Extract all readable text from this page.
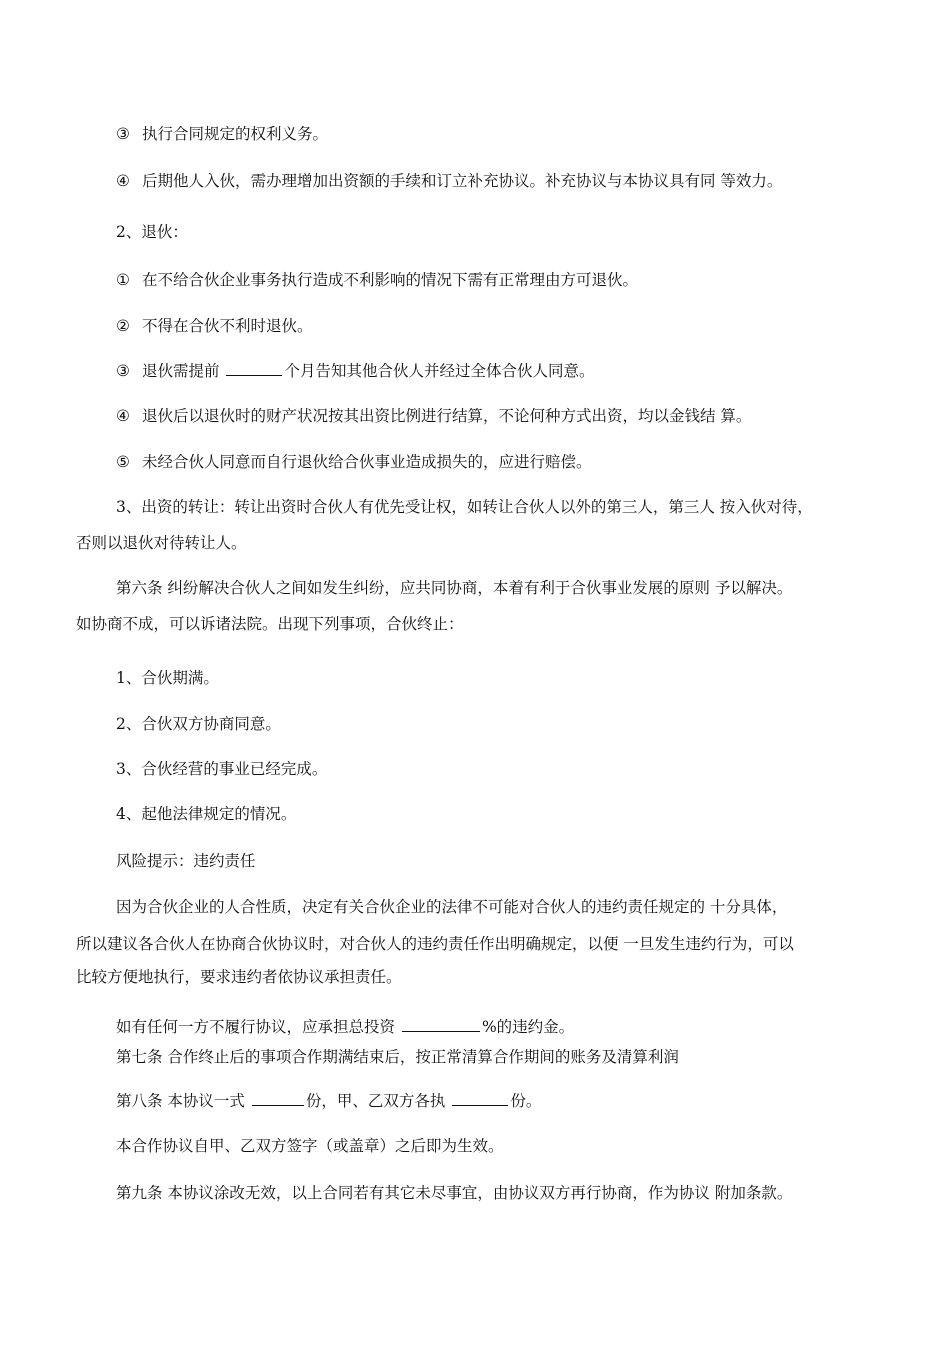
③ 执行合同规定的权利义务。
④ 后期他人入伙，需办理增加出资额的手续和订立补充协议。补充协议与本协议具有同 等效力。
2、退伙：
① 在不给合伙企业事务执行造成不利影响的情况下需有正常理由方可退伙。
② 不得在合伙不利时退伙。
③ 退伙需提前	个月告知其他合伙人并经过全体合伙人同意。
④ 退伙后以退伙时的财产状况按其出资比例进行结算，不论何种方式出资，均以金钱结 算。
⑤ 未经合伙人同意而自行退伙给合伙事业造成损失的，应进行赔偿。
3、出资的转让：转让出资时合伙人有优先受让权，如转让合伙人以外的第三人，第三人 按入伙对待，
否则以退伙对待转让人。
第六条 纠纷解决合伙人之间如发生纠纷，应共同协商，本着有利于合伙事业发展的原则 予以解决。
如协商不成，可以诉诸法院。出现下列事项，合伙终止：
1、合伙期满。
2、合伙双方协商同意。
3、合伙经营的事业已经完成。
4、起他法律规定的情况。
风险提示：违约责任
因为合伙企业的人合性质，决定有关合伙企业的法律不可能对合伙人的违约责任规定的 十分具体，
所以建议各合伙人在协商合伙协议时，对合伙人的违约责任作出明确规定，以便 一旦发生违约行为，可以
比较方便地执行，要求违约者依协议承担责任。
如有任何一方不履行协议，应承担总投资	%的违约金。
第七条 合作终止后的事项合作期满结束后，按正常清算合作期间的账务及清算利润
第八条 本协议一式	份，甲、乙双方各执	份。
本合作协议自甲、乙双方签字（或盖章）之后即为生效。
第九条 本协议涂改无效，以上合同若有其它未尽事宜，由协议双方再行协商，作为协议 附加条款。
